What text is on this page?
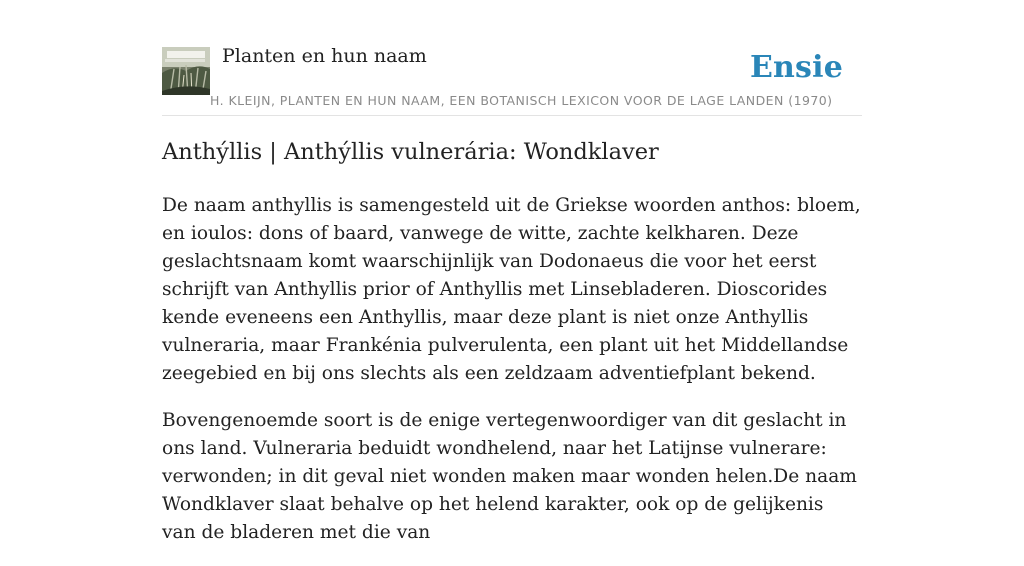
Planten en hun naam	Ensie
H. KLEIJN, PLANTEN EN HUN NAAM, EEN BOTANISCH LEXICON VOOR DE LAGE LANDEN (1970)
Anthýllis | Anthýllis vulnerária: Wondklaver

De naam anthyllis is samengesteld uit de Griekse woorden anthos: bloem, en ioulos: dons of baard, vanwege de witte, zachte kelkharen. Deze geslachtsnaam komt waarschijnlijk van Dodonaeus die voor het eerst schrijft van Anthyllis prior of Anthyllis met Linsebladeren. Dioscorides kende eveneens een Anthyllis, maar deze plant is niet onze Anthyllis vulneraria, maar Frankénia pulverulenta, een plant uit het Middellandse zeegebied en bij ons slechts als een zeldzaam adventiefplant bekend.

Bovengenoemde soort is de enige vertegenwoordiger van dit geslacht in ons land. Vulneraria beduidt wondhelend, naar het Latijnse vulnerare: verwonden; in dit geval niet wonden maken maar wonden helen.De naam Wondklaver slaat behalve op het helend karakter, ook op de gelijkenis van de bladeren met die van
